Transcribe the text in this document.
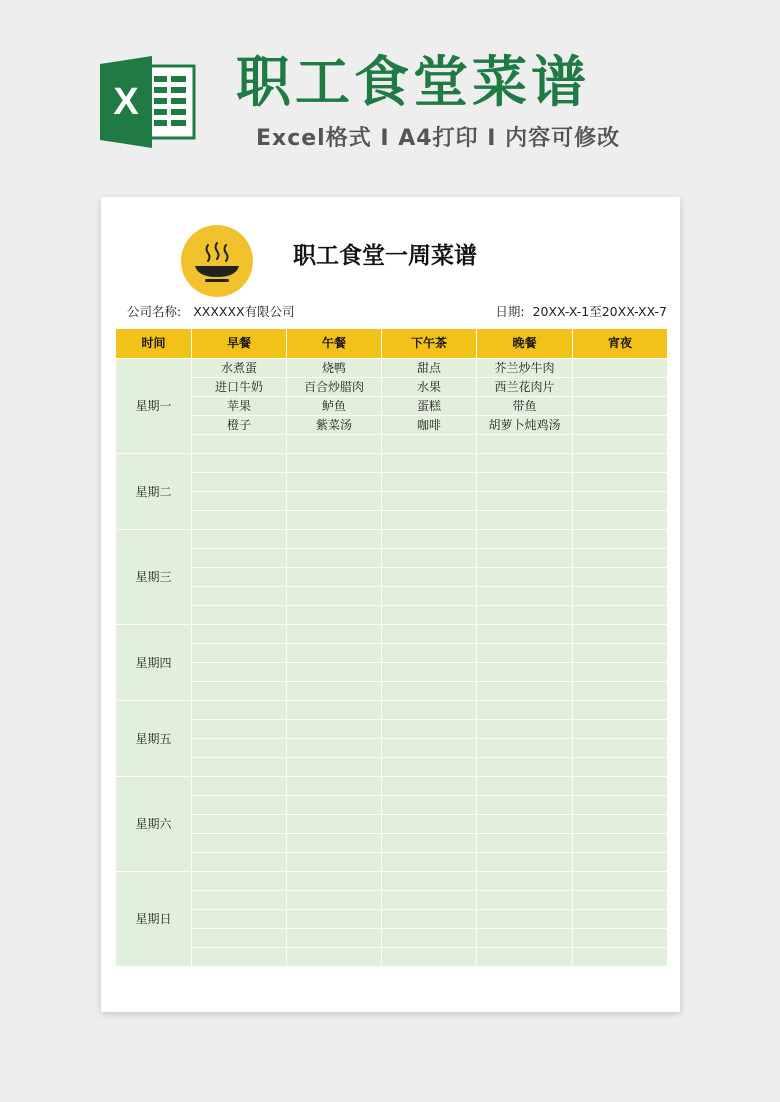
X 职工食堂菜谱
Excel格式 Ⅰ A4打印 Ⅰ 内容可修改
职工食堂一周菜谱
公司名称: XXXXXX有限公司	日期: 20XX-X-1至20XX-XX-7
时间	早餐	午餐	下午茶	晚餐	宵夜
星期一	水煮蛋	烧鸭	甜点	芥兰炒牛肉	
	进口牛奶	百合炒腊肉	水果	西兰花肉片	
	苹果	鲈鱼	蛋糕	带鱼	
	橙子	紫菜汤	咖啡	胡萝卜炖鸡汤	

星期二					

星期三					

星期四					

星期五					

星期六					

星期日					
